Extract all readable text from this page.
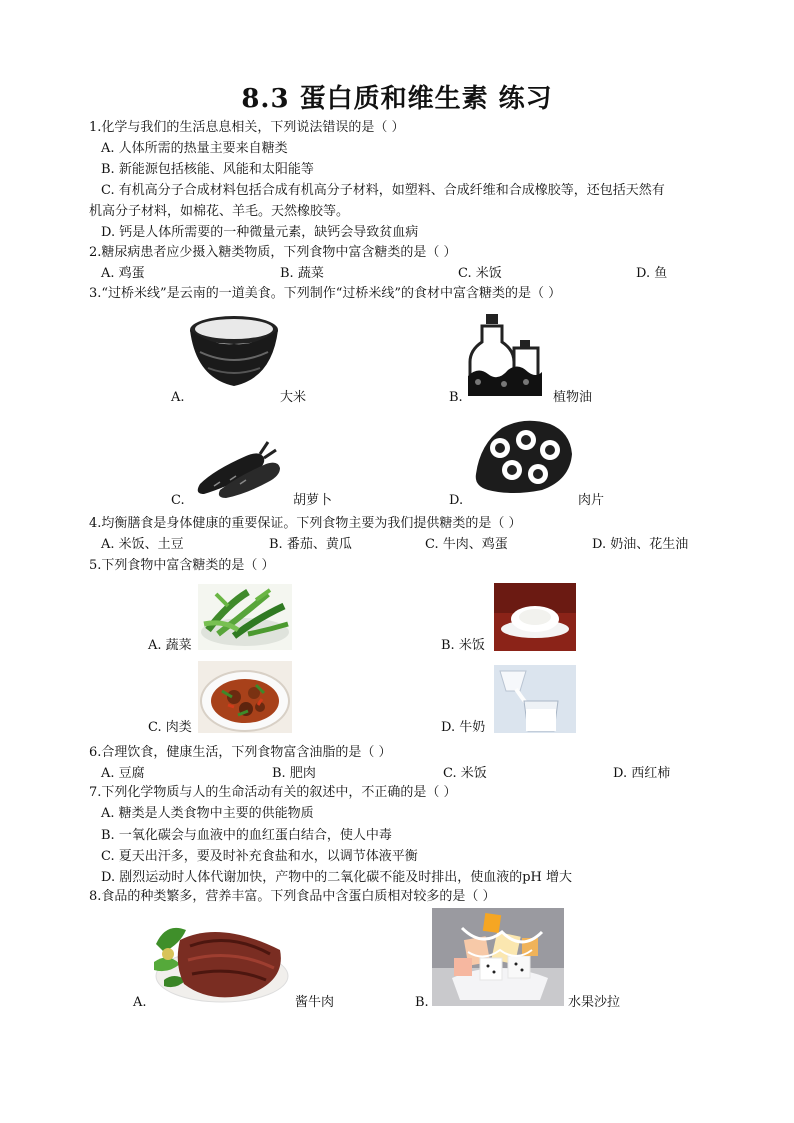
8.3 蛋白质和维生素 练习
1.化学与我们的生活息息相关，下列说法错误的是（ ）
A. 人体所需的热量主要来自糖类
B. 新能源包括核能、风能和太阳能等
C. 有机高分子合成材料包括合成有机高分子材料，如塑料、合成纤维和合成橡胶等，还包括天然有
机高分子材料，如棉花、羊毛。天然橡胶等。
D. 钙是人体所需要的一种微量元素，缺钙会导致贫血病
2.糖尿病患者应少摄入糖类物质，下列食物中富含糖类的是（ ）
A. 鸡蛋	B. 蔬菜	C. 米饭	D. 鱼
3.“过桥米线”是云南的一道美食。下列制作“过桥米线”的食材中富含糖类的是（ ）
A.	大米	B.	植物油
C.	胡萝卜	D.	肉片
4.均衡膳食是身体健康的重要保证。下列食物主要为我们提供糖类的是（ ）
A. 米饭、土豆	B. 番茄、黄瓜	C. 牛肉、鸡蛋	D. 奶油、花生油
5.下列食物中富含糖类的是（ ）
A. 蔬菜	B. 米饭
C. 肉类	D. 牛奶
6.合理饮食，健康生活，下列食物富含油脂的是（ ）
A. 豆腐	B. 肥肉	C. 米饭	D. 西红柿
7.下列化学物质与人的生命活动有关的叙述中，不正确的是（ ）
A. 糖类是人类食物中主要的供能物质
B. 一氧化碳会与血液中的血红蛋白结合，使人中毒
C. 夏天出汗多，要及时补充食盐和水，以调节体液平衡
D. 剧烈运动时人体代谢加快，产物中的二氧化碳不能及时排出，使血液的pH 增大
8.食品的种类繁多，营养丰富。下列食品中含蛋白质相对较多的是（ ）
A.	酱牛肉	B.	水果沙拉
